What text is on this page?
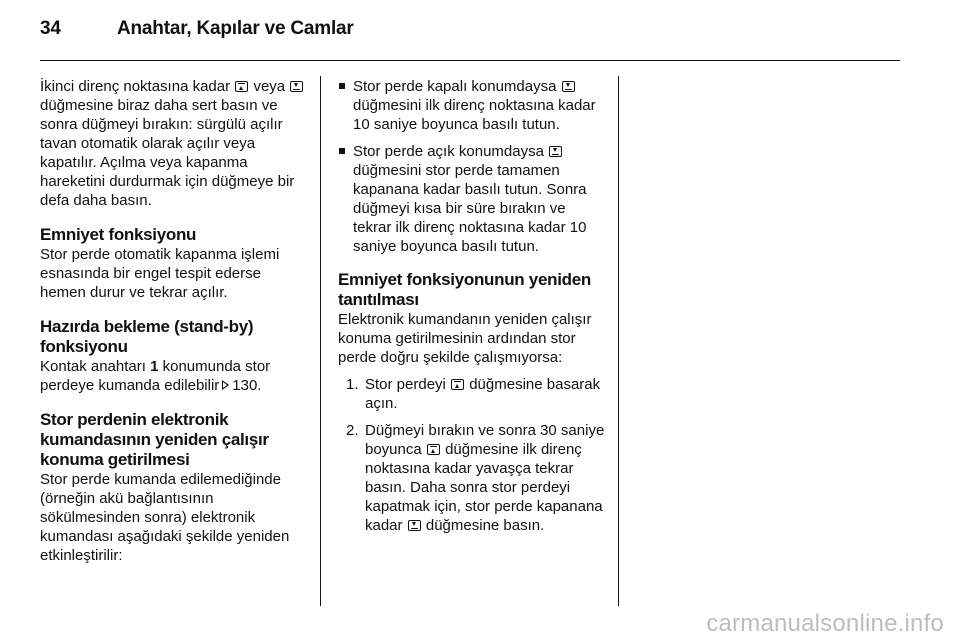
34	Anahtar, Kapılar ve Camlar

İkinci direnç noktasına kadar veya  düğmesine biraz daha sert basın ve sonra düğmeyi bırakın: sürgülü açılır tavan otomatik olarak açılır veya kapatılır. Açılma veya kapanma hareketini durdurmak için düğmeye bir defa daha basın.

Emniyet fonksiyonu

Stor perde otomatik kapanma işlemi esnasında bir engel tespit ederse hemen durur ve tekrar açılır.

Hazırda bekleme (stand-by) fonksiyonu

Kontak anahtarı 1 konumunda stor perdeye kumanda edilebilir 130.

Stor perdenin elektronik kumandasının yeniden çalışır konuma getirilmesi

Stor perde kumanda edilemediğinde (örneğin akü bağlantısının sökülmesinden sonra) elektronik kumandası aşağıdaki şekilde yeniden etkinleştirilir:

Stor perde kapalı konumdaysa  düğmesini ilk direnç noktasına kadar 10 saniye boyunca basılı tutun.
Stor perde açık konumdaysa  düğmesini stor perde tamamen kapanana kadar basılı tutun. Sonra düğmeyi kısa bir süre bırakın ve tekrar ilk direnç noktasına kadar 10 saniye boyunca basılı tutun.
Emniyet fonksiyonunun yeniden tanıtılması

Elektronik kumandanın yeniden çalışır konuma getirilmesinin ardından stor perde doğru şekilde çalışmıyorsa:

1. Stor perdeyi düğmesine basarak açın.
2. Düğmeyi bırakın ve sonra 30 saniye boyunca düğmesine ilk direnç noktasına kadar yavaşça tekrar basın. Daha sonra stor perdeyi kapatmak için, stor perde kapanana kadar düğmesine basın.
carmanualsonline.info
